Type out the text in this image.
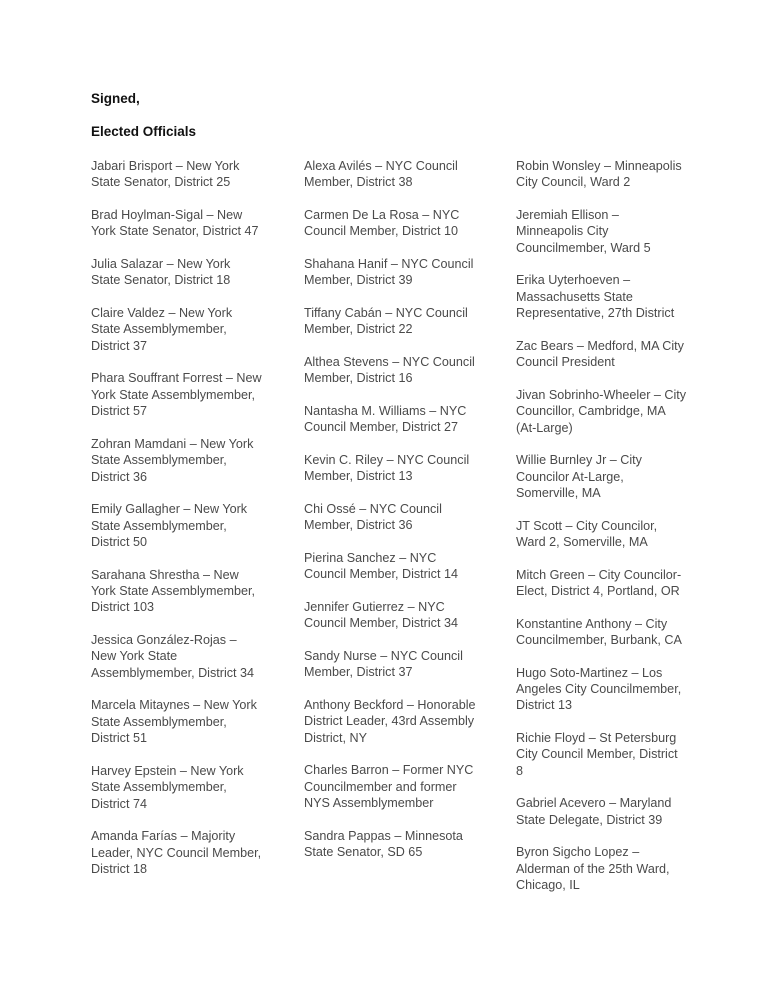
Signed,

Elected Officials

Jabari Brisport – New York State Senator, District 25

Brad Hoylman-Sigal – New York State Senator, District 47

Julia Salazar – New York State Senator, District 18

Claire Valdez – New York State Assemblymember, District 37

Phara Souffrant Forrest – New York State Assemblymember, District 57

Zohran Mamdani – New York State Assemblymember, District 36

Emily Gallagher – New York State Assemblymember, District 50

Sarahana Shrestha – New York State Assemblymember, District 103

Jessica González-Rojas – New York State Assemblymember, District 34

Marcela Mitaynes – New York State Assemblymember, District 51

Harvey Epstein – New York State Assemblymember, District 74

Amanda Farías – Majority Leader, NYC Council Member, District 18

Alexa Avilés – NYC Council Member, District 38

Carmen De La Rosa – NYC Council Member, District 10

Shahana Hanif – NYC Council Member, District 39

Tiffany Cabán – NYC Council Member, District 22

Althea Stevens – NYC Council Member, District 16

Nantasha M. Williams – NYC Council Member, District 27

Kevin C. Riley – NYC Council Member, District 13

Chi Ossé – NYC Council Member, District 36

Pierina Sanchez – NYC Council Member, District 14

Jennifer Gutierrez – NYC Council Member, District 34

Sandy Nurse – NYC Council Member, District 37

Anthony Beckford – Honorable District Leader, 43rd Assembly District, NY

Charles Barron – Former NYC Councilmember and former NYS Assemblymember

Sandra Pappas – Minnesota State Senator, SD 65

Robin Wonsley – Minneapolis City Council, Ward 2

Jeremiah Ellison – Minneapolis City Councilmember, Ward 5

Erika Uyterhoeven – Massachusetts State Representative, 27th District

Zac Bears – Medford, MA City Council President

Jivan Sobrinho-Wheeler – City Councillor, Cambridge, MA (At-Large)

Willie Burnley Jr – City Councilor At-Large, Somerville, MA

JT Scott – City Councilor, Ward 2, Somerville, MA

Mitch Green – City Councilor-Elect, District 4, Portland, OR

Konstantine Anthony – City Councilmember, Burbank, CA

Hugo Soto-Martinez – Los Angeles City Councilmember, District 13

Richie Floyd – St Petersburg City Council Member, District 8

Gabriel Acevero – Maryland State Delegate, District 39

Byron Sigcho Lopez – Alderman of the 25th Ward, Chicago, IL
